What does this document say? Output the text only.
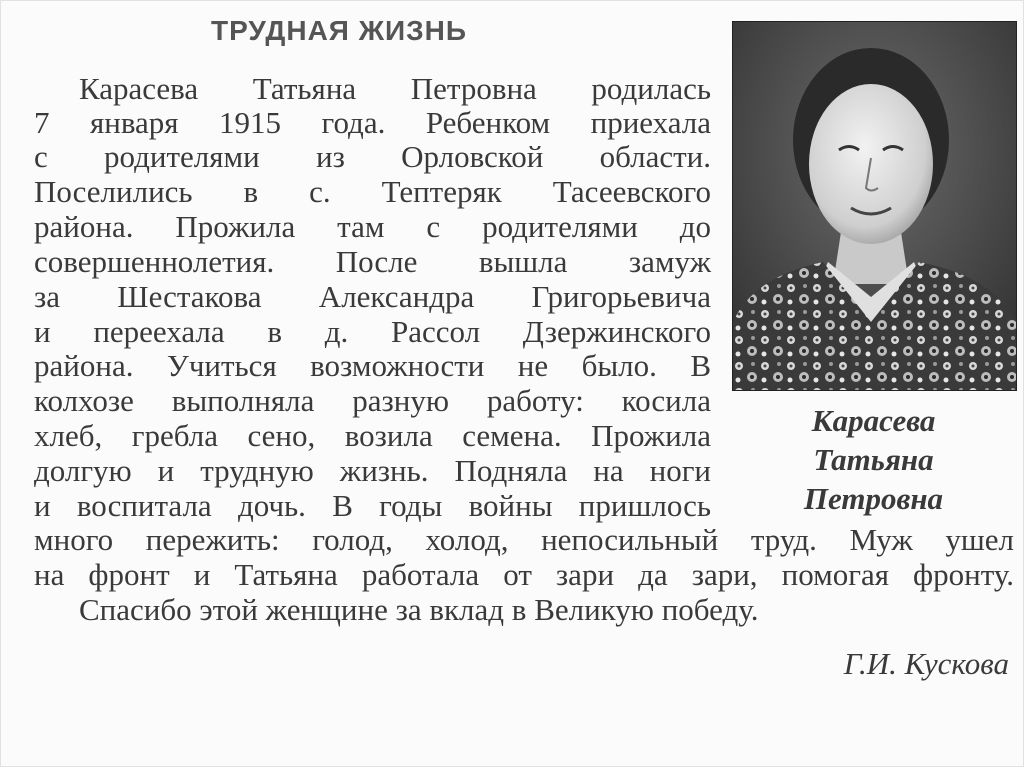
ТРУДНАЯ ЖИЗНЬ
Карасева Татьяна Петровна родилась
7 января 1915 года. Ребенком приехала
с родителями из Орловской области.
Поселились в с. Тептеряк Тасеевского
района. Прожила там с родителями до
совершеннолетия. После вышла замуж
за Шестакова Александра Григорьевича
и переехала в д. Рассол Дзержинского
района. Учиться возможности не было. В
колхозе выполняла разную работу: косила
хлеб, гребла сено, возила семена. Прожила
долгую и трудную жизнь. Подняла на ноги
и воспитала дочь. В годы войны пришлось
много пережить: голод, холод, непосильный труд. Муж ушел
на фронт и Татьяна работала от зари да зари, помогая фронту.
Спасибо этой женщине за вклад в Великую победу.
Карасева
Татьяна
Петровна
Г.И. Кускова
